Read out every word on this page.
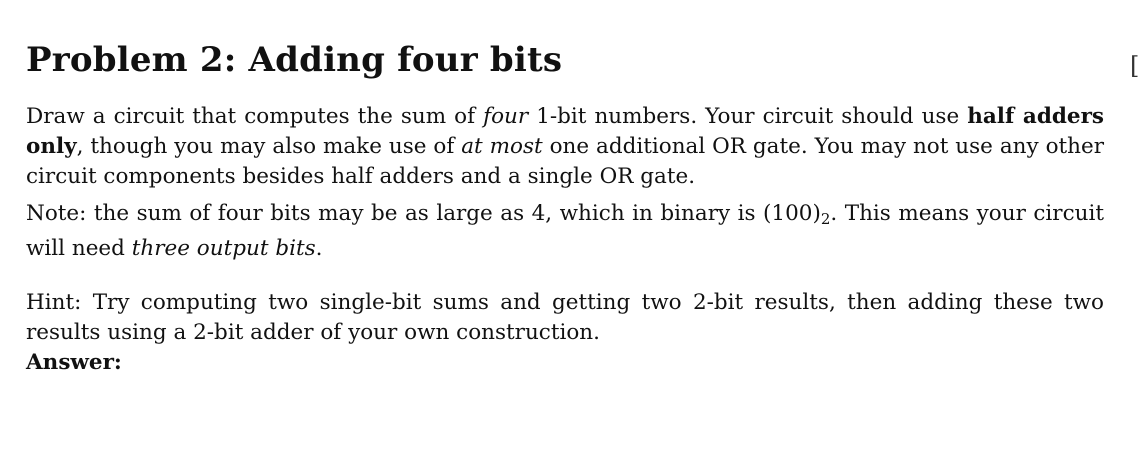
Problem 2: Adding four bits

Draw a circuit that computes the sum of four 1-bit numbers. Your circuit should use half adders only, though you may also make use of at most one additional OR gate. You may not use any other circuit components besides half adders and a single OR gate.

Note: the sum of four bits may be as large as 4, which in binary is $(100)_2$. This means your circuit will need three output bits.

Hint: Try computing two single-bit sums and getting two 2-bit results, then adding these two results using a 2-bit adder of your own construction.

Answer:

[
